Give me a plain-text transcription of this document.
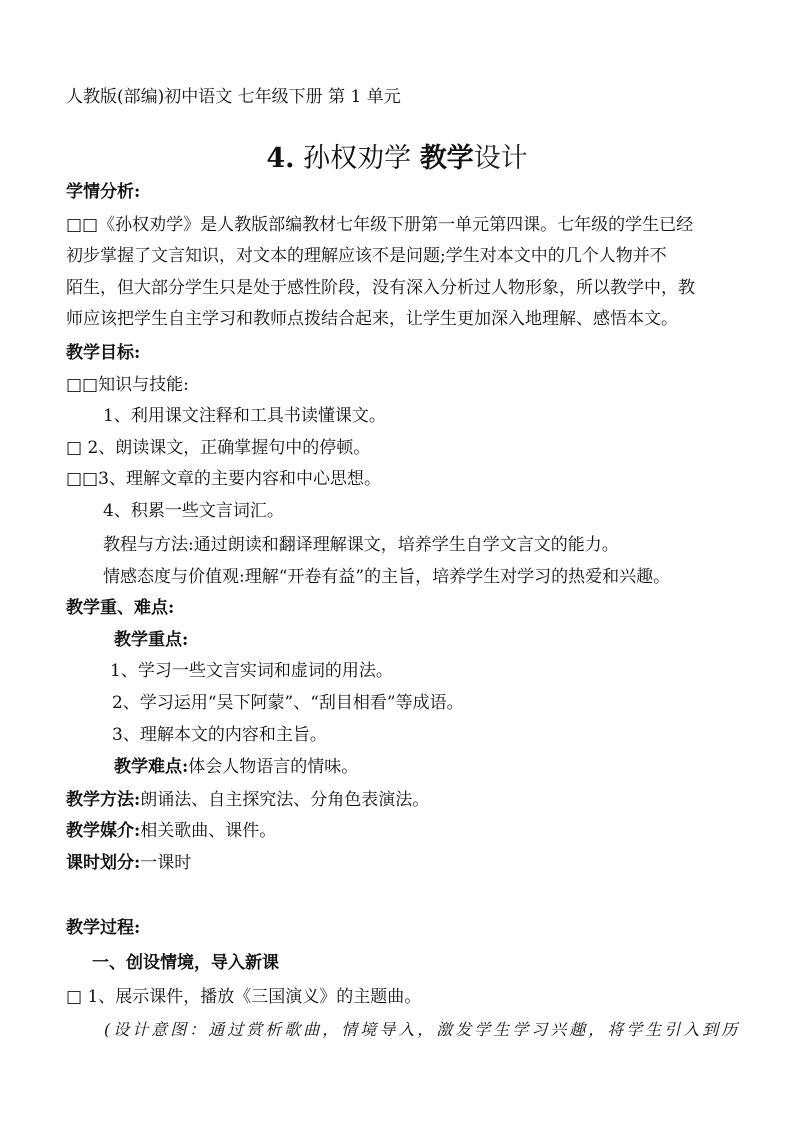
人教版(部编)初中语文 七年级下册 第 1 单元
4. 孙权劝学 教学设计
学情分析:
□□《孙权劝学》是人教版部编教材七年级下册第一单元第四课。七年级的学生已经
初步掌握了文言知识，对文本的理解应该不是问题;学生对本文中的几个人物并不
陌生，但大部分学生只是处于感性阶段，没有深入分析过人物形象，所以教学中，教
师应该把学生自主学习和教师点拨结合起来，让学生更加深入地理解、感悟本文。
教学目标:
□□知识与技能:
1、利用课文注释和工具书读懂课文。
□ 2、朗读课文，正确掌握句中的停顿。
□□3、理解文章的主要内容和中心思想。
4、积累一些文言词汇。
教程与方法:通过朗读和翻译理解课文，培养学生自学文言文的能力。
情感态度与价值观:理解“开卷有益”的主旨，培养学生对学习的热爱和兴趣。
教学重、难点:
教学重点:
1、学习一些文言实词和虚词的用法。
2、学习运用“吴下阿蒙”、“刮目相看”等成语。
3、理解本文的内容和主旨。
教学难点:体会人物语言的情味。
教学方法:朗诵法、自主探究法、分角色表演法。
教学媒介:相关歌曲、课件。
课时划分:一课时
教学过程:
一、创设情境，导入新课
□ 1、展示课件，播放《三国演义》的主题曲。
(设计意图：通过赏析歌曲，情境导入，激发学生学习兴趣，将学生引入到历
